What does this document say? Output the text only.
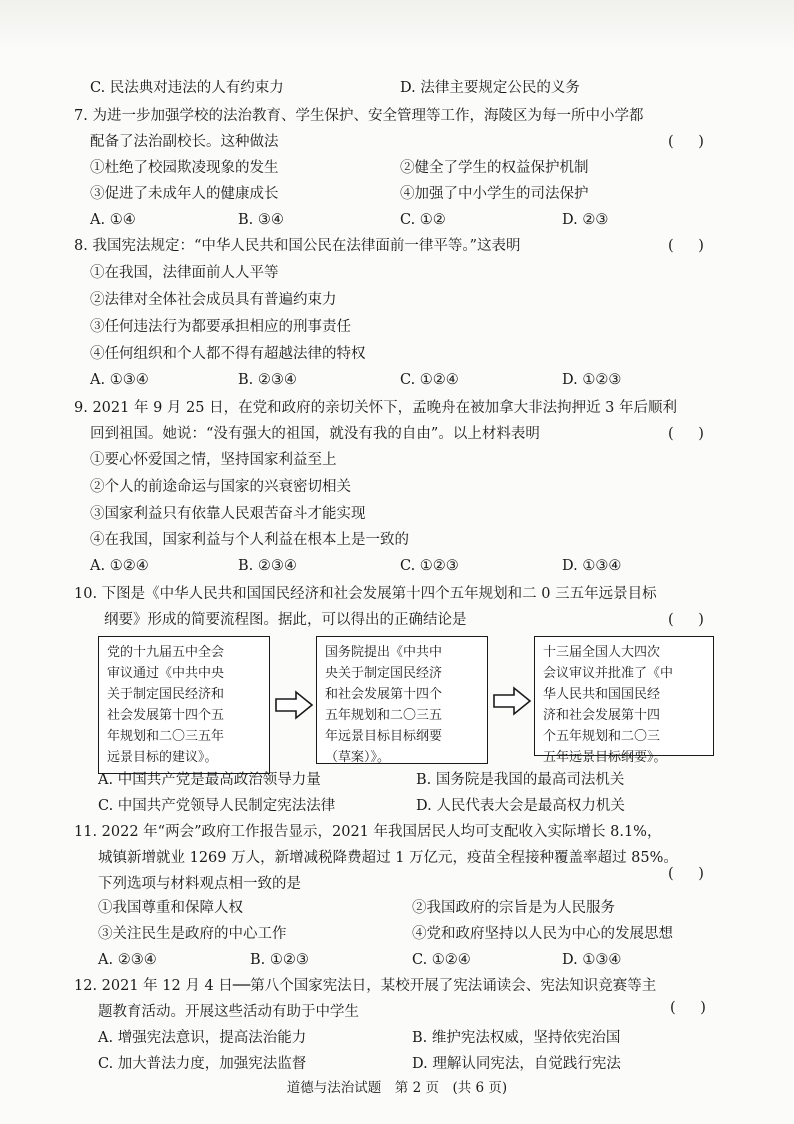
C. 民法典对违法的人有约束力	D. 法律主要规定公民的义务
7. 为进一步加强学校的法治教育、学生保护、安全管理等工作，海陵区为每一所中小学都
配备了法治副校长。这种做法	( )
①杜绝了校园欺凌现象的发生	②健全了学生的权益保护机制
③促进了未成年人的健康成长	④加强了中小学生的司法保护
A. ①④	B. ③④	C. ①②	D. ②③
8. 我国宪法规定：“中华人民共和国公民在法律面前一律平等。”这表明	( )
①在我国，法律面前人人平等
②法律对全体社会成员具有普遍约束力
③任何违法行为都要承担相应的刑事责任
④任何组织和个人都不得有超越法律的特权
A. ①③④	B. ②③④	C. ①②④	D. ①②③
9. 2021 年 9 月 25 日，在党和政府的亲切关怀下，孟晚舟在被加拿大非法拘押近 3 年后顺利
回到祖国。她说：“没有强大的祖国，就没有我的自由”。以上材料表明	( )
①要心怀爱国之情，坚持国家利益至上
②个人的前途命运与国家的兴衰密切相关
③国家利益只有依靠人民艰苦奋斗才能实现
④在我国，国家利益与个人利益在根本上是一致的
A. ①②④	B. ②③④	C. ①②③	D. ①③④
10. 下图是《中华人民共和国国民经济和社会发展第十四个五年规划和二 0 三五年远景目标
纲要》形成的简要流程图。据此，可以得出的正确结论是	( )
党的十九届五中全会
审议通过《中共中央
关于制定国民经济和
社会发展第十四个五
年规划和二〇三五年
远景目标的建议》。
国务院提出《中共中
央关于制定国民经济
和社会发展第十四个
五年规划和二〇三五
年远景目标目标纲要
（草案）》。
十三届全国人大四次
会议审议并批准了《中
华人民共和国国民经
济和社会发展第十四
个五年规划和二〇三
五年远景目标纲要》。
A. 中国共产党是最高政治领导力量	B. 国务院是我国的最高司法机关
C. 中国共产党领导人民制定宪法法律	D. 人民代表大会是最高权力机关
11. 2022 年“两会”政府工作报告显示，2021 年我国居民人均可支配收入实际增长 8.1%，
城镇新增就业 1269 万人，新增减税降费超过 1 万亿元，疫苗全程接种覆盖率超过 85%。
下列选项与材料观点相一致的是
( )
①我国尊重和保障人权	②我国政府的宗旨是为人民服务
③关注民生是政府的中心工作	④党和政府坚持以人民为中心的发展思想
A. ②③④	B. ①②③	C. ①②④	D. ①③④
12. 2021 年 12 月 4 日──第八个国家宪法日，某校开展了宪法诵读会、宪法知识竞赛等主
题教育活动。开展这些活动有助于中学生	( )
A. 增强宪法意识，提高法治能力	B. 维护宪法权威，坚持依宪治国
C. 加大普法力度，加强宪法监督	D. 理解认同宪法，自觉践行宪法
道德与法治试题　第 2 页　(共 6 页)
